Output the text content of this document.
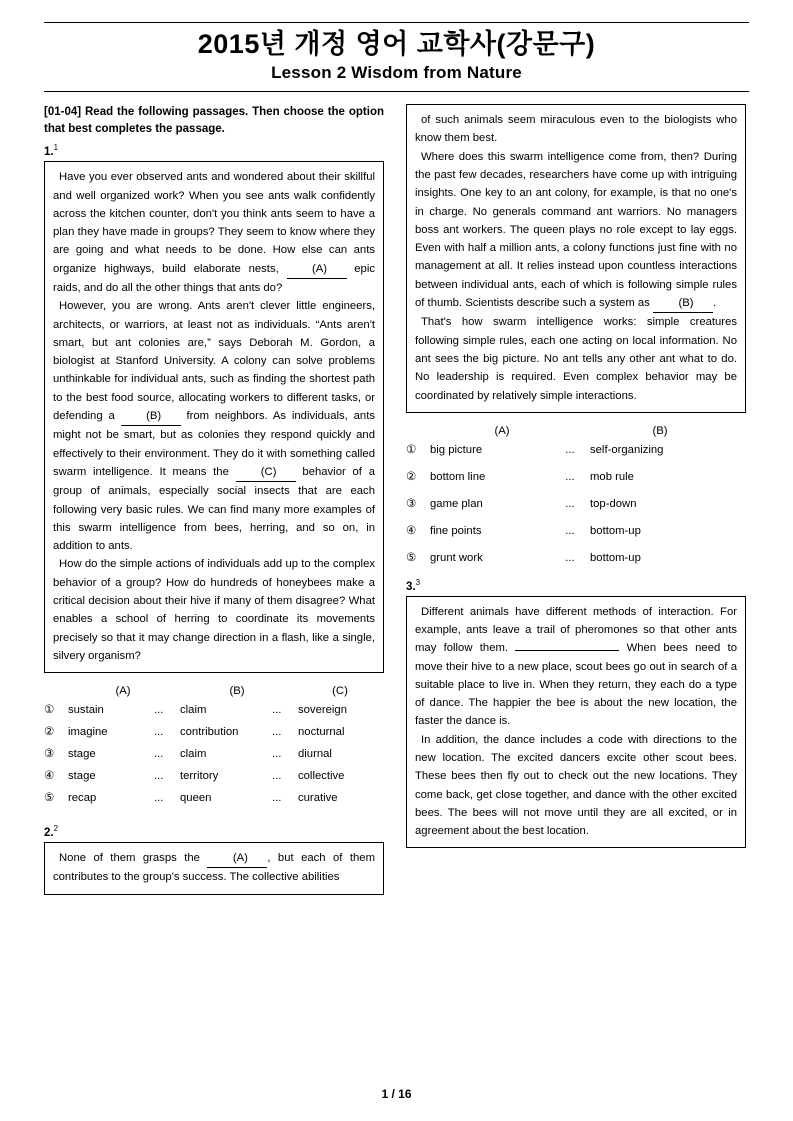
2015년 개정 영어 교학사(강문구)
Lesson 2 Wisdom from Nature
[01-04] Read the following passages. Then choose the option that best completes the passage.
1.$^1$

Have you ever observed ants and wondered about their skillful and well organized work? When you see ants walk confidently across the kitchen counter, don't you think ants seem to have a plan they have made in groups? They seem to know where they are going and what needs to be done. How else can ants organize highways, build elaborate nests, (A) epic raids, and do all the other things that ants do?

However, you are wrong. Ants aren't clever little engineers, architects, or warriors, at least not as individuals. “Ants aren't smart, but ant colonies are,” says Deborah M. Gordon, a biologist at Stanford University. A colony can solve problems unthinkable for individual ants, such as finding the shortest path to the best food source, allocating workers to different tasks, or defending a (B) from neighbors. As individuals, ants might not be smart, but as colonies they respond quickly and effectively to their environment. They do it with something called swarm intelligence. It means the (C) behavior of a group of animals, especially social insects that are each following very basic rules. We can find many more examples of this swarm intelligence from bees, herring, and so on, in addition to ants.

How do the simple actions of individuals add up to the complex behavior of a group? How do hundreds of honeybees make a critical decision about their hive if many of them disagree? What enables a school of herring to coordinate its movements precisely so that it may change direction in a flash, like a single, silvery organism?

(A)	(B)	(C)
①	sustain	...	claim	...	sovereign
②	imagine	...	contribution	...	nocturnal
③	stage	...	claim	...	diurnal
④	stage	...	territory	...	collective
⑤	recap	...	queen	...	curative
2.$^2$

None of them grasps the (A) , but each of them contributes to the group's success. The collective abilities

of such animals seem miraculous even to the biologists who know them best.

Where does this swarm intelligence come from, then? During the past few decades, researchers have come up with intriguing insights. One key to an ant colony, for example, is that no one's in charge. No generals command ant warriors. No managers boss ant workers. The queen plays no role except to lay eggs. Even with half a million ants, a colony functions just fine with no management at all. It relies instead upon countless interactions between individual ants, each of which is following simple rules of thumb. Scientists describe such a system as (B) .

That's how swarm intelligence works: simple creatures following simple rules, each one acting on local information. No ant sees the big picture. No ant tells any other ant what to do. No leadership is required. Even complex behavior may be coordinated by relatively simple interactions.

(A)	(B)
①	big picture	...	self-organizing
②	bottom line	...	mob rule
③	game plan	...	top-down
④	fine points	...	bottom-up
⑤	grunt work	...	bottom-up
3.$^3$

Different animals have different methods of interaction. For example, ants leave a trail of pheromones so that other ants may follow them.	When bees need to move their hive to a new place, scout bees go out in search of a suitable place to live in. When they return, they each do a type of dance. The happier the bee is about the new location, the faster the dance is.

In addition, the dance includes a code with directions to the new location. The excited dancers excite other scout bees. These bees then fly out to check out the new locations. They come back, get close together, and dance with the other excited bees. The bees will not move until they are all excited, or in agreement about the best location.

1 / 16
